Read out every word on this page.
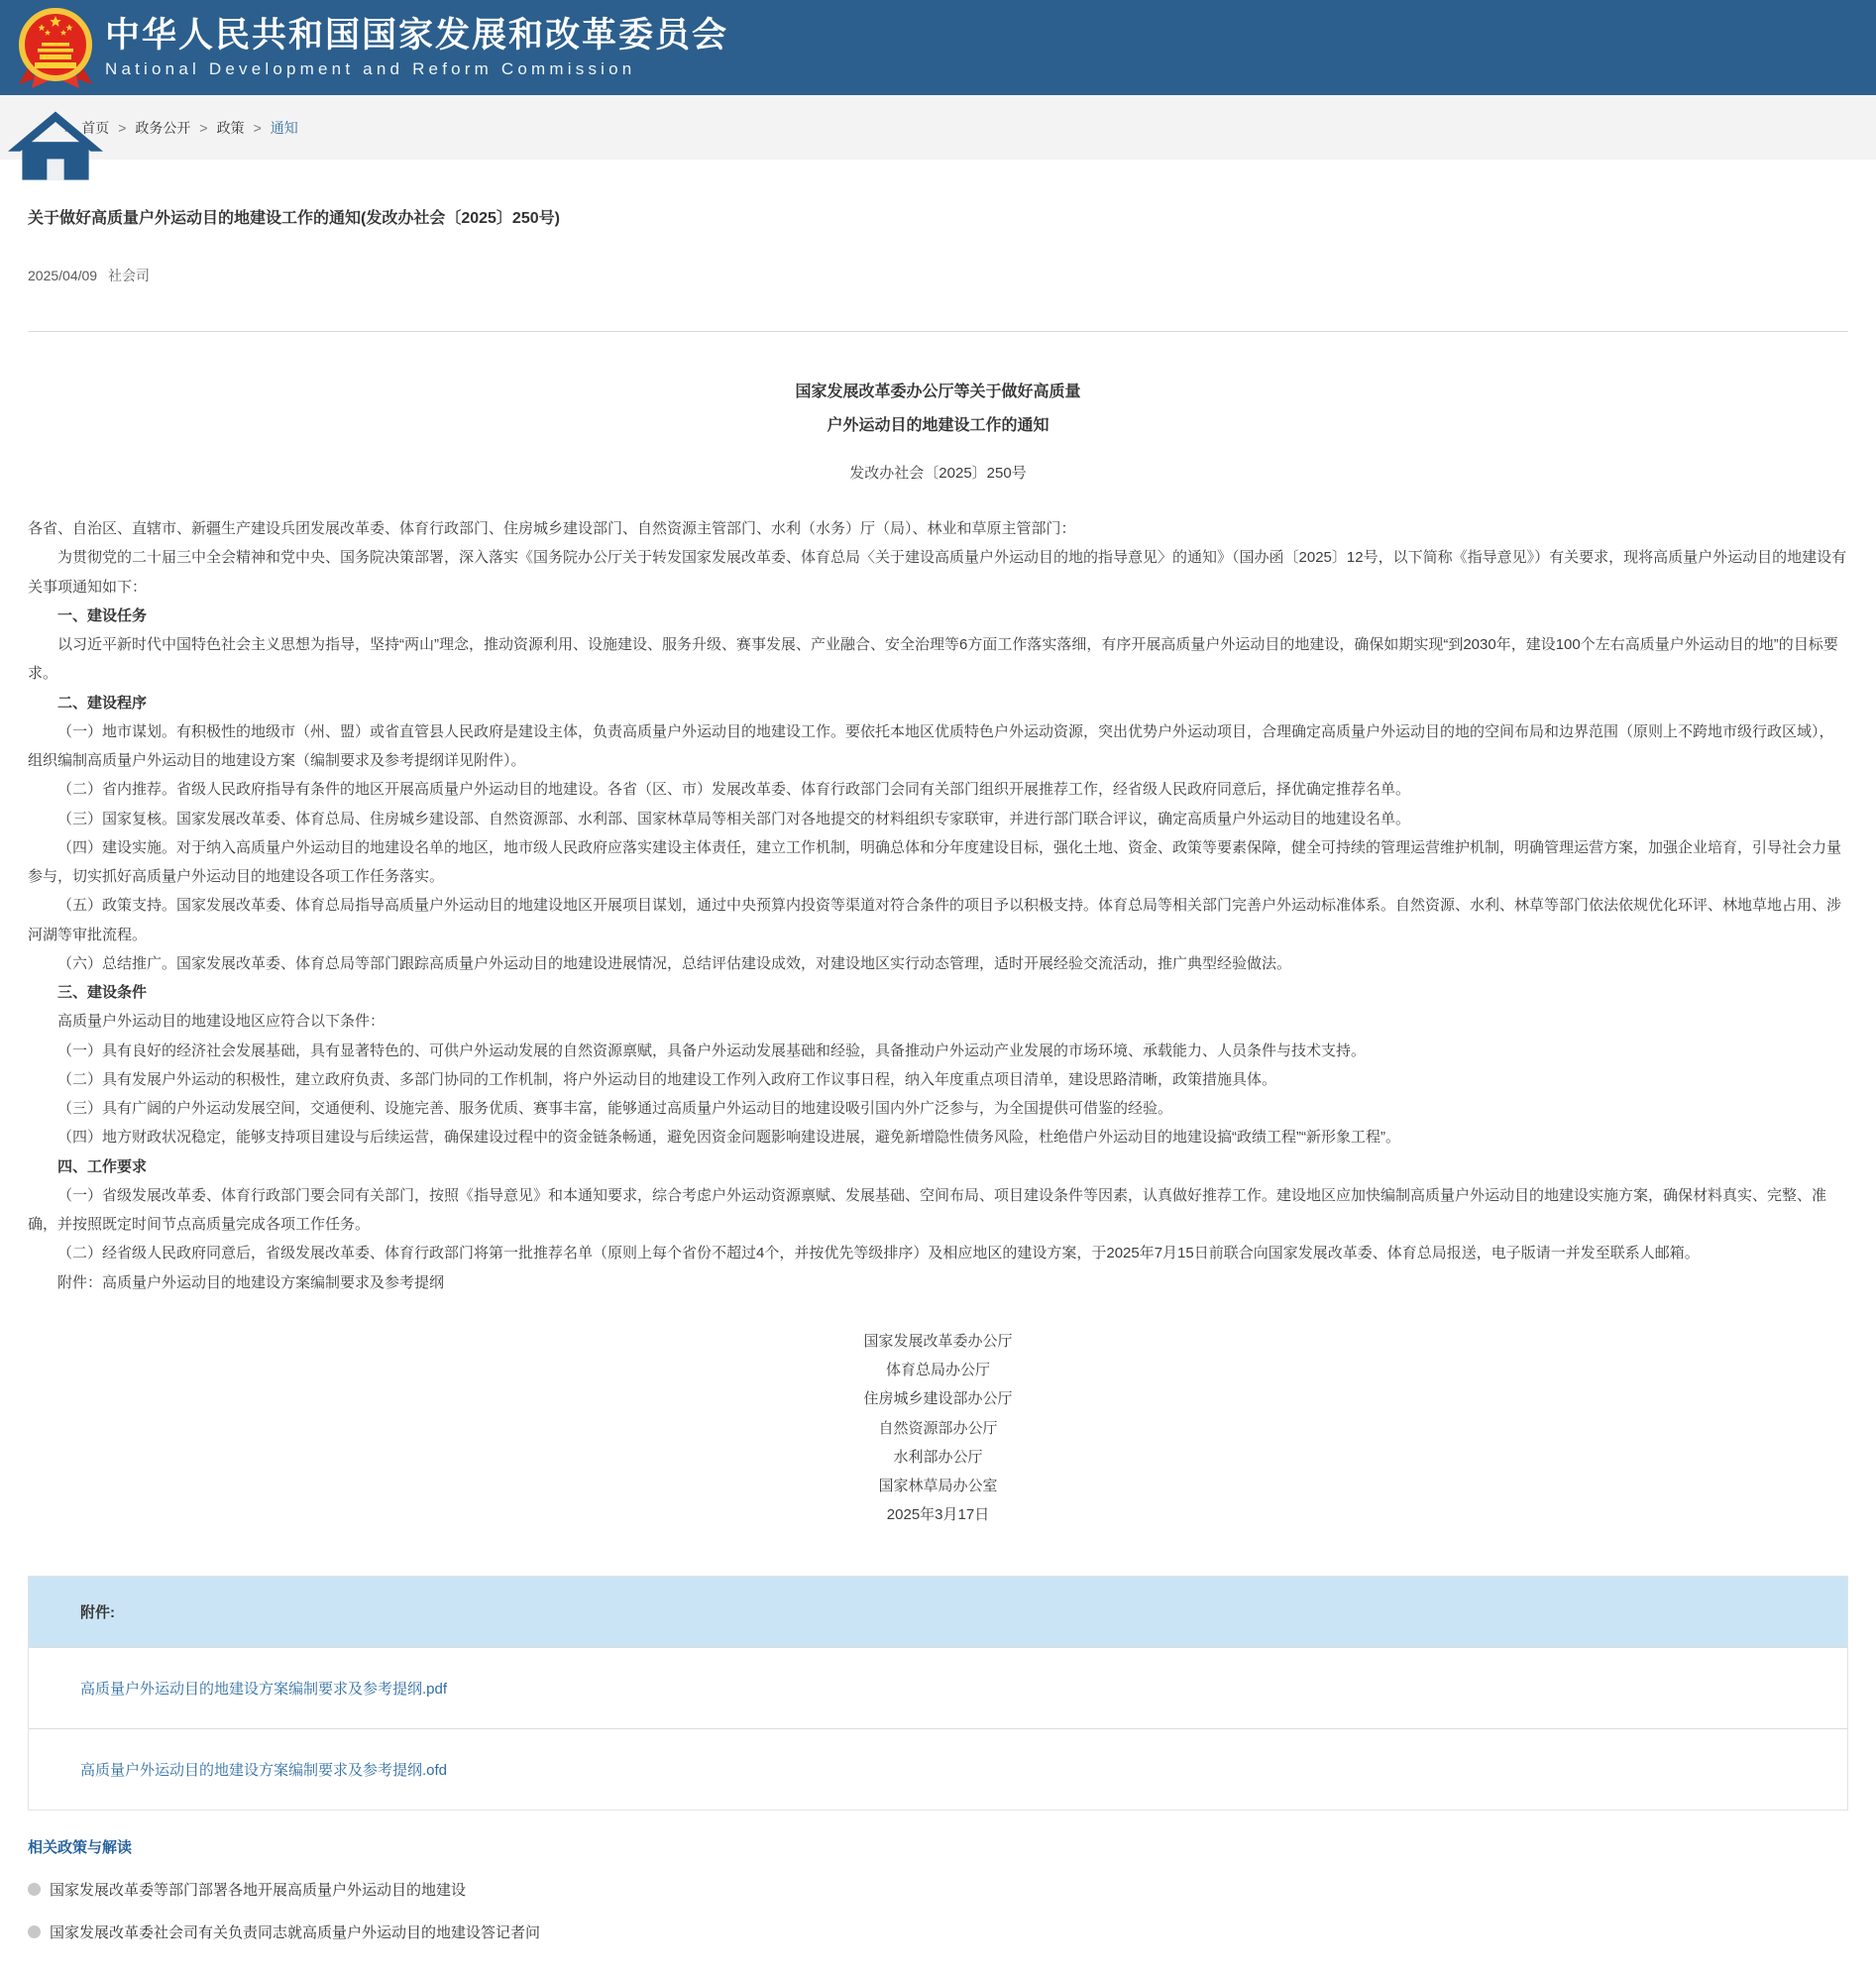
中华人民共和国国家发展和改革委员会
National Development and Reform Commission
首页 > 政务公开 > 政策 > 通知
关于做好高质量户外运动目的地建设工作的通知(发改办社会〔2025〕250号)
2025/04/09 社会司
国家发展改革委办公厅等关于做好高质量
户外运动目的地建设工作的通知
发改办社会〔2025〕250号

各省、自治区、直辖市、新疆生产建设兵团发展改革委、体育行政部门、住房城乡建设部门、自然资源主管部门、水利（水务）厅（局）、林业和草原主管部门：

为贯彻党的二十届三中全会精神和党中央、国务院决策部署，深入落实《国务院办公厅关于转发国家发展改革委、体育总局〈关于建设高质量户外运动目的地的指导意见〉的通知》（国办函〔2025〕12号，以下简称《指导意见》）有关要求，现将高质量户外运动目的地建设有关事项通知如下：

一、建设任务

以习近平新时代中国特色社会主义思想为指导，坚持“两山”理念，推动资源利用、设施建设、服务升级、赛事发展、产业融合、安全治理等6方面工作落实落细，有序开展高质量户外运动目的地建设，确保如期实现“到2030年，建设100个左右高质量户外运动目的地”的目标要求。

二、建设程序

（一）地市谋划。有积极性的地级市（州、盟）或省直管县人民政府是建设主体，负责高质量户外运动目的地建设工作。要依托本地区优质特色户外运动资源，突出优势户外运动项目，合理确定高质量户外运动目的地的空间布局和边界范围（原则上不跨地市级行政区域），组织编制高质量户外运动目的地建设方案（编制要求及参考提纲详见附件）。

（二）省内推荐。省级人民政府指导有条件的地区开展高质量户外运动目的地建设。各省（区、市）发展改革委、体育行政部门会同有关部门组织开展推荐工作，经省级人民政府同意后，择优确定推荐名单。

（三）国家复核。国家发展改革委、体育总局、住房城乡建设部、自然资源部、水利部、国家林草局等相关部门对各地提交的材料组织专家联审，并进行部门联合评议，确定高质量户外运动目的地建设名单。

（四）建设实施。对于纳入高质量户外运动目的地建设名单的地区，地市级人民政府应落实建设主体责任，建立工作机制，明确总体和分年度建设目标，强化土地、资金、政策等要素保障，健全可持续的管理运营维护机制，明确管理运营方案，加强企业培育，引导社会力量参与，切实抓好高质量户外运动目的地建设各项工作任务落实。

（五）政策支持。国家发展改革委、体育总局指导高质量户外运动目的地建设地区开展项目谋划，通过中央预算内投资等渠道对符合条件的项目予以积极支持。体育总局等相关部门完善户外运动标准体系。自然资源、水利、林草等部门依法依规优化环评、林地草地占用、涉河湖等审批流程。

（六）总结推广。国家发展改革委、体育总局等部门跟踪高质量户外运动目的地建设进展情况，总结评估建设成效，对建设地区实行动态管理，适时开展经验交流活动，推广典型经验做法。

三、建设条件

高质量户外运动目的地建设地区应符合以下条件：

（一）具有良好的经济社会发展基础，具有显著特色的、可供户外运动发展的自然资源禀赋，具备户外运动发展基础和经验，具备推动户外运动产业发展的市场环境、承载能力、人员条件与技术支持。

（二）具有发展户外运动的积极性，建立政府负责、多部门协同的工作机制，将户外运动目的地建设工作列入政府工作议事日程，纳入年度重点项目清单，建设思路清晰，政策措施具体。

（三）具有广阔的户外运动发展空间，交通便利、设施完善、服务优质、赛事丰富，能够通过高质量户外运动目的地建设吸引国内外广泛参与，为全国提供可借鉴的经验。

（四）地方财政状况稳定，能够支持项目建设与后续运营，确保建设过程中的资金链条畅通，避免因资金问题影响建设进展，避免新增隐性债务风险，杜绝借户外运动目的地建设搞“政绩工程”“新形象工程”。

四、工作要求

（一）省级发展改革委、体育行政部门要会同有关部门，按照《指导意见》和本通知要求，综合考虑户外运动资源禀赋、发展基础、空间布局、项目建设条件等因素，认真做好推荐工作。建设地区应加快编制高质量户外运动目的地建设实施方案，确保材料真实、完整、准确，并按照既定时间节点高质量完成各项工作任务。

（二）经省级人民政府同意后，省级发展改革委、体育行政部门将第一批推荐名单（原则上每个省份不超过4个，并按优先等级排序）及相应地区的建设方案，于2025年7月15日前联合向国家发展改革委、体育总局报送，电子版请一并发至联系人邮箱。

附件：高质量户外运动目的地建设方案编制要求及参考提纲

国家发展改革委办公厅
体育总局办公厅
住房城乡建设部办公厅
自然资源部办公厅
水利部办公厅
国家林草局办公室
2025年3月17日
附件:
高质量户外运动目的地建设方案编制要求及参考提纲.pdf
高质量户外运动目的地建设方案编制要求及参考提纲.ofd
相关政策与解读
国家发展改革委等部门部署各地开展高质量户外运动目的地建设
国家发展改革委社会司有关负责同志就高质量户外运动目的地建设答记者问
